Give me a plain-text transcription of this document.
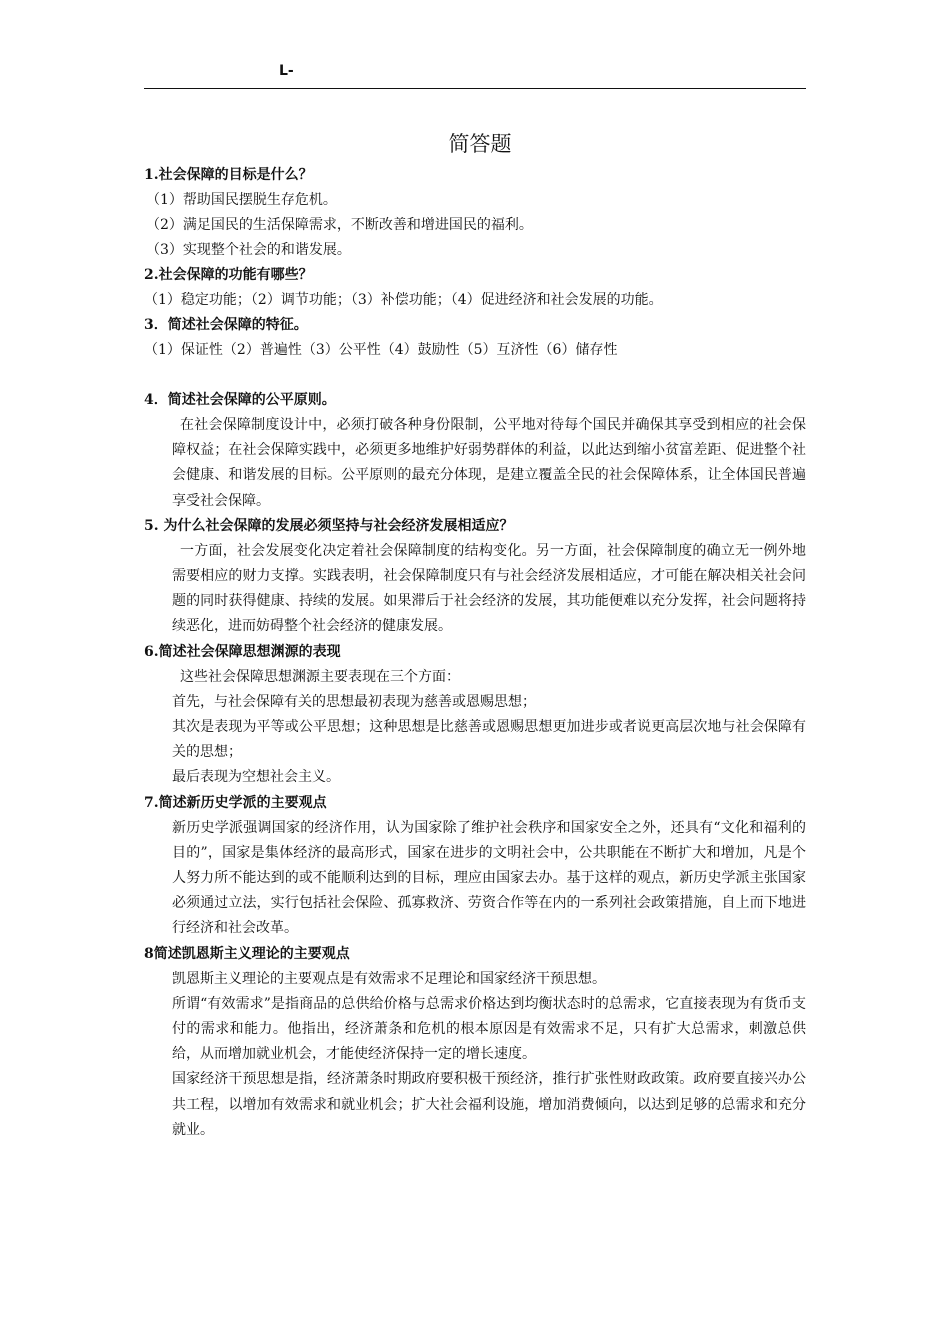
L-
简答题

1.社会保障的目标是什么？

（1）帮助国民摆脱生存危机。

（2）满足国民的生活保障需求，不断改善和增进国民的福利。

（3）实现整个社会的和谐发展。

2.社会保障的功能有哪些？

（1）稳定功能；（2）调节功能；（3）补偿功能；（4）促进经济和社会发展的功能。

3．简述社会保障的特征。

（1）保证性（2）普遍性（3）公平性（4）鼓励性（5）互济性（6）储存性

4．简述社会保障的公平原则。

在社会保障制度设计中，必须打破各种身份限制，公平地对待每个国民并确保其享受到相应的社会保障权益；在社会保障实践中，必须更多地维护好弱势群体的利益，以此达到缩小贫富差距、促进整个社会健康、和谐发展的目标。公平原则的最充分体现，是建立覆盖全民的社会保障体系，让全体国民普遍享受社会保障。

5. 为什么社会保障的发展必须坚持与社会经济发展相适应？

一方面，社会发展变化决定着社会保障制度的结构变化。另一方面，社会保障制度的确立无一例外地需要相应的财力支撑。实践表明，社会保障制度只有与社会经济发展相适应，才可能在解决相关社会问题的同时获得健康、持续的发展。如果滞后于社会经济的发展，其功能便难以充分发挥，社会问题将持续恶化，进而妨碍整个社会经济的健康发展。

6.简述社会保障思想渊源的表现

这些社会保障思想渊源主要表现在三个方面：

首先，与社会保障有关的思想最初表现为慈善或恩赐思想；

其次是表现为平等或公平思想；这种思想是比慈善或恩赐思想更加进步或者说更高层次地与社会保障有关的思想；

最后表现为空想社会主义。

7.简述新历史学派的主要观点

新历史学派强调国家的经济作用，认为国家除了维护社会秩序和国家安全之外，还具有“文化和福利的目的”，国家是集体经济的最高形式，国家在进步的文明社会中，公共职能在不断扩大和增加，凡是个人努力所不能达到的或不能顺利达到的目标，理应由国家去办。基于这样的观点，新历史学派主张国家必须通过立法，实行包括社会保险、孤寡救济、劳资合作等在内的一系列社会政策措施，自上而下地进行经济和社会改革。

8简述凯恩斯主义理论的主要观点

凯恩斯主义理论的主要观点是有效需求不足理论和国家经济干预思想。

所谓“有效需求”是指商品的总供给价格与总需求价格达到均衡状态时的总需求，它直接表现为有货币支付的需求和能力。他指出，经济萧条和危机的根本原因是有效需求不足，只有扩大总需求，刺激总供给，从而增加就业机会，才能使经济保持一定的增长速度。

国家经济干预思想是指，经济萧条时期政府要积极干预经济，推行扩张性财政政策。政府要直接兴办公共工程，以增加有效需求和就业机会；扩大社会福利设施，增加消费倾向，以达到足够的总需求和充分就业。
